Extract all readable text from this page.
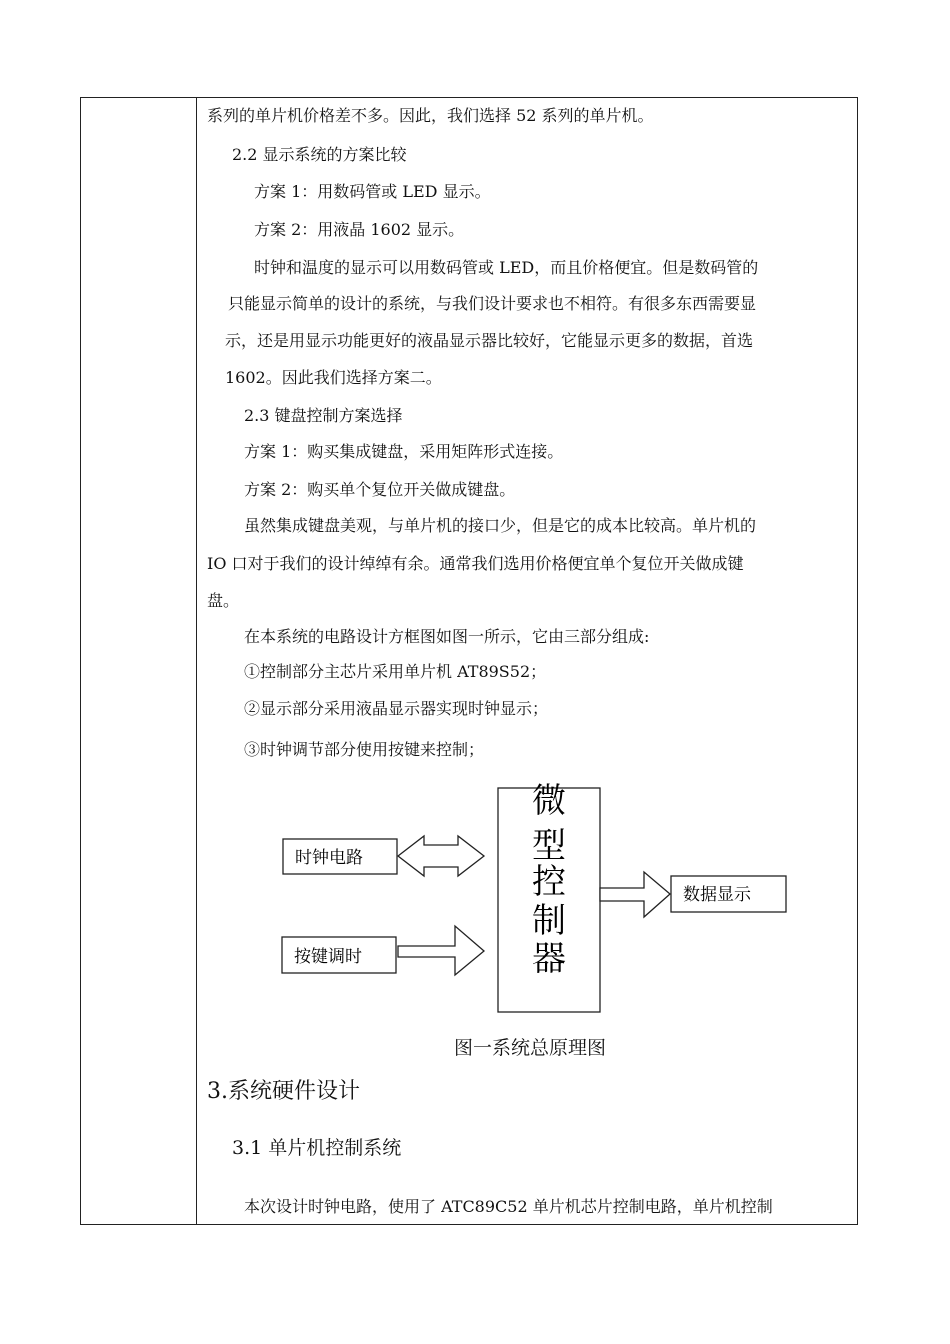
系列的单片机价格差不多。因此，我们选择 52 系列的单片机。
2.2 显示系统的方案比较
方案 1：用数码管或 LED 显示。
方案 2：用液晶 1602 显示。
时钟和温度的显示可以用数码管或 LED，而且价格便宜。但是数码管的
只能显示简单的设计的系统，与我们设计要求也不相符。有很多东西需要显
示，还是用显示功能更好的液晶显示器比较好，它能显示更多的数据，首选
1602。因此我们选择方案二。
2.3 键盘控制方案选择
方案 1：购买集成键盘，采用矩阵形式连接。
方案 2：购买单个复位开关做成键盘。
虽然集成键盘美观，与单片机的接口少，但是它的成本比较高。单片机的
IO 口对于我们的设计绰绰有余。通常我们选用价格便宜单个复位开关做成键
盘。
在本系统的电路设计方框图如图一所示，它由三部分组成:
①控制部分主芯片采用单片机 AT89S52；
②显示部分采用液晶显示器实现时钟显示；
③时钟调节部分使用按键来控制；
时钟电路
按键调时
数据显示
微
型
控
制
器
图一系统总原理图
3.系统硬件设计
3.1 单片机控制系统
本次设计时钟电路，使用了 ATC89C52 单片机芯片控制电路，单片机控制
